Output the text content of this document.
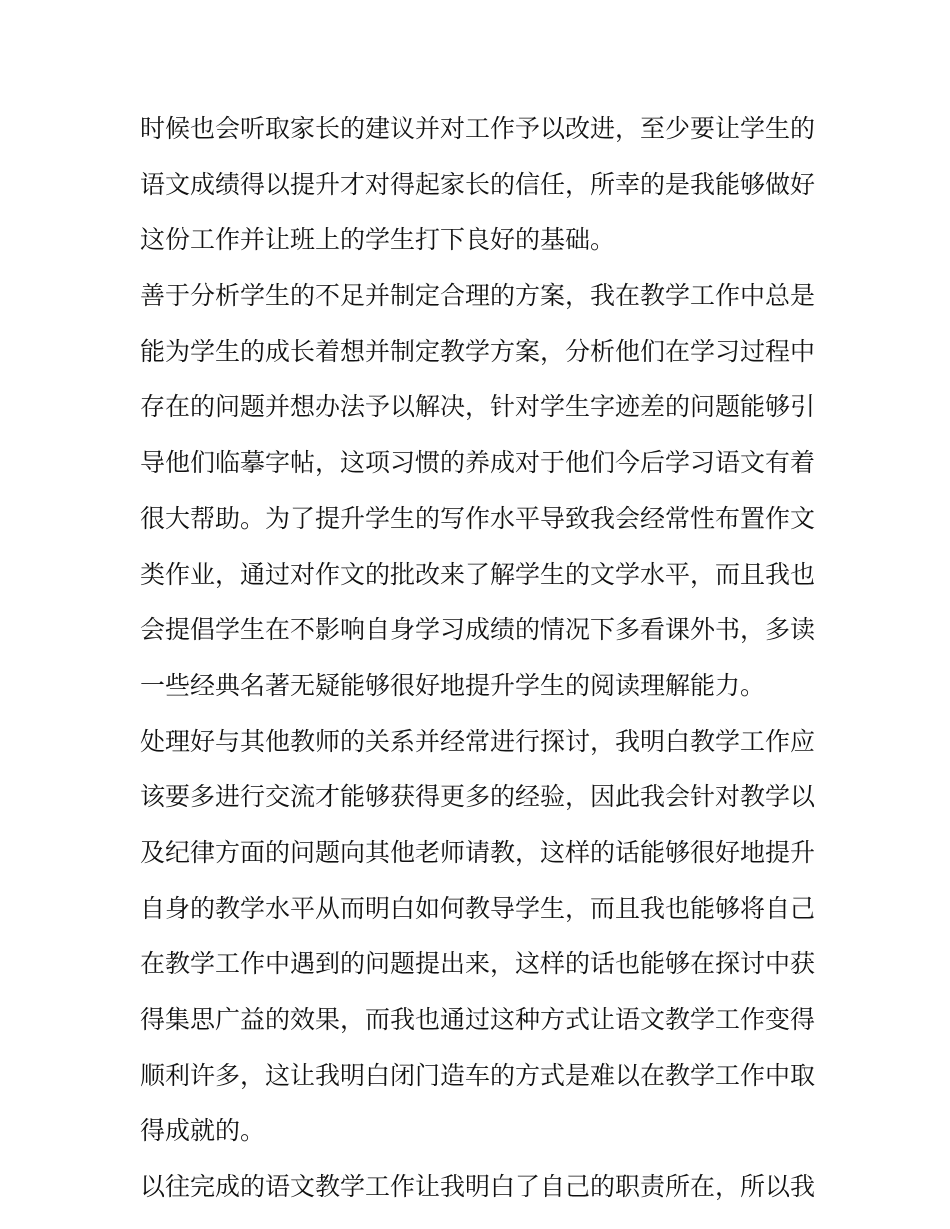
时候也会听取家长的建议并对工作予以改进，至少要让学生的
语文成绩得以提升才对得起家长的信任，所幸的是我能够做好
这份工作并让班上的学生打下良好的基础。
善于分析学生的不足并制定合理的方案，我在教学工作中总是
能为学生的成长着想并制定教学方案，分析他们在学习过程中
存在的问题并想办法予以解决，针对学生字迹差的问题能够引
导他们临摹字帖，这项习惯的养成对于他们今后学习语文有着
很大帮助。为了提升学生的写作水平导致我会经常性布置作文
类作业，通过对作文的批改来了解学生的文学水平，而且我也
会提倡学生在不影响自身学习成绩的情况下多看课外书，多读
一些经典名著无疑能够很好地提升学生的阅读理解能力。
处理好与其他教师的关系并经常进行探讨，我明白教学工作应
该要多进行交流才能够获得更多的经验，因此我会针对教学以
及纪律方面的问题向其他老师请教，这样的话能够很好地提升
自身的教学水平从而明白如何教导学生，而且我也能够将自己
在教学工作中遇到的问题提出来，这样的话也能够在探讨中获
得集思广益的效果，而我也通过这种方式让语文教学工作变得
顺利许多，这让我明白闭门造车的方式是难以在教学工作中取
得成就的。
以往完成的语文教学工作让我明白了自己的职责所在，所以我
